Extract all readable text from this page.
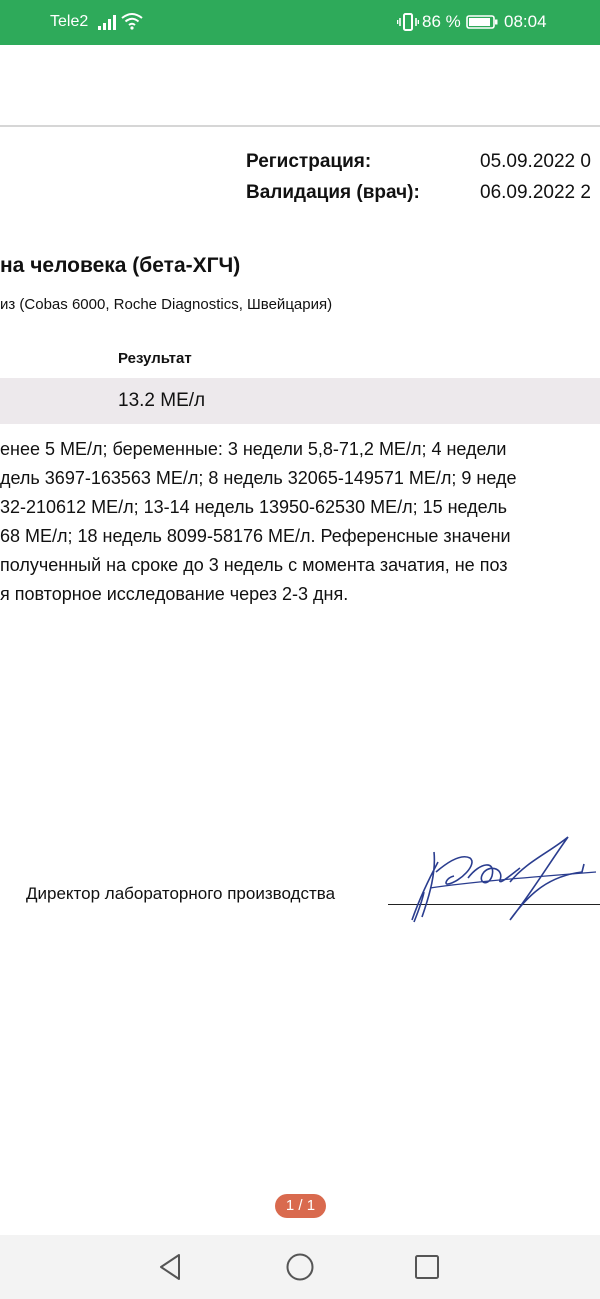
Tele2	86 %	08:04
Регистрация:	05.09.2022 0
Валидация (врач):	06.09.2022 2
на человека (бета-ХГЧ)
из (Cobas 6000, Roche Diagnostics, Швейцария)
Результат
13.2 МЕ/л
енее 5 МЕ/л; беременные: 3 недели 5,8-71,2 МЕ/л; 4 недели
дель 3697-163563 МЕ/л; 8 недель 32065-149571 МЕ/л; 9 неде
32-210612 МЕ/л; 13-14 недель 13950-62530 МЕ/л; 15 недель
68 МЕ/л; 18 недель 8099-58176 МЕ/л. Референсные значени
полученный на сроке до 3 недель с момента зачатия, не поз
я повторное исследование через 2-3 дня.
Директор лабораторного производства
1 / 1
